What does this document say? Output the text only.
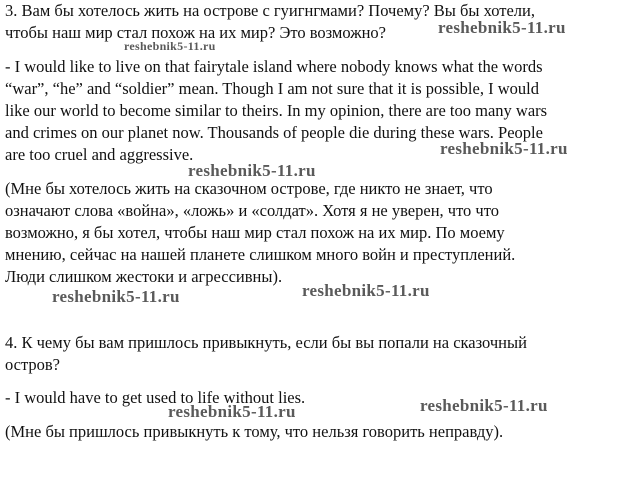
3. Вам бы хотелось жить на острове с гуигнгмами? Почему? Вы бы хотели,
чтобы наш мир стал похож на их мир? Это возможно?
- I would like to live on that fairytale island where nobody knows what the words
“war”, “he” and “soldier” mean. Though I am not sure that it is possible, I would
like our world to become similar to theirs. In my opinion, there are too many wars
and crimes on our planet now. Thousands of people die during these wars. People
are too cruel and aggressive.
(Мне бы хотелось жить на сказочном острове, где никто не знает, что
означают слова «война», «ложь» и «солдат». Хотя я не уверен, что что
возможно, я бы хотел, чтобы наш мир стал похож на их мир. По моему
мнению, сейчас на нашей планете слишком много войн и преступлений.
Люди слишком жестоки и агрессивны).
4. К чему бы вам пришлось привыкнуть, если бы вы попали на сказочный
остров?
- I would have to get used to life without lies.
(Мне бы пришлось привыкнуть к тому, что нельзя говорить неправду).
reshebnik5-11.ru
reshebnik5-11.ru
reshebnik5-11.ru
reshebnik5-11.ru
reshebnik5-11.ru
reshebnik5-11.ru
reshebnik5-11.ru
reshebnik5-11.ru
